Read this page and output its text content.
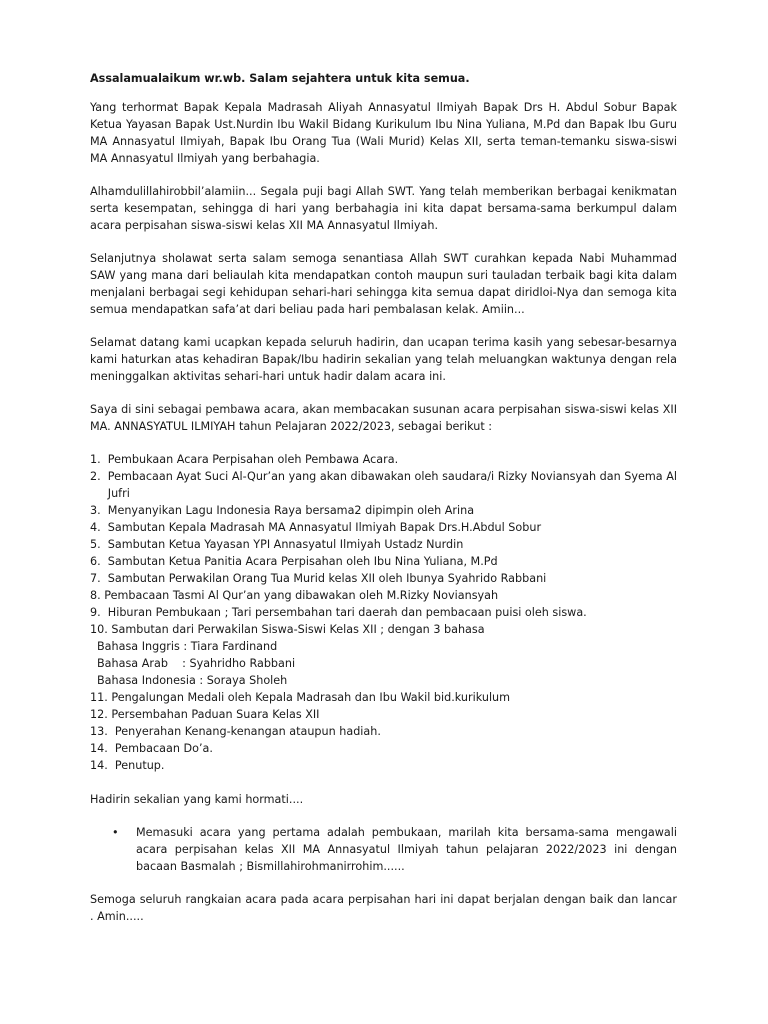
Assalamualaikum wr.wb. Salam sejahtera untuk kita semua.

Yang terhormat Bapak Kepala Madrasah Aliyah Annasyatul Ilmiyah Bapak Drs H. Abdul Sobur Bapak Ketua Yayasan Bapak Ust.Nurdin Ibu Wakil Bidang Kurikulum Ibu Nina Yuliana, M.Pd dan Bapak Ibu Guru MA Annasyatul Ilmiyah, Bapak Ibu Orang Tua (Wali Murid) Kelas XII, serta teman-temanku siswa-siswi MA Annasyatul Ilmiyah yang berbahagia.

Alhamdulillahirobbil’alamiin... Segala puji bagi Allah SWT. Yang telah memberikan berbagai kenikmatan serta kesempatan, sehingga di hari yang berbahagia ini kita dapat bersama-sama berkumpul dalam acara perpisahan siswa-siswi kelas XII MA Annasyatul Ilmiyah.

Selanjutnya sholawat serta salam semoga senantiasa Allah SWT curahkan kepada Nabi Muhammad SAW yang mana dari beliaulah kita mendapatkan contoh maupun suri tauladan terbaik bagi kita dalam menjalani berbagai segi kehidupan sehari-hari sehingga kita semua dapat diridloi-Nya dan semoga kita semua mendapatkan safa’at dari beliau pada hari pembalasan kelak. Amiin...

Selamat datang kami ucapkan kepada seluruh hadirin, dan ucapan terima kasih yang sebesar-besarnya kami haturkan atas kehadiran Bapak/Ibu hadirin sekalian yang telah meluangkan waktunya dengan rela meninggalkan aktivitas sehari-hari untuk hadir dalam acara ini.

Saya di sini sebagai pembawa acara, akan membacakan susunan acara perpisahan siswa-siswi kelas XII MA. ANNASYATUL ILMIYAH tahun Pelajaran 2022/2023, sebagai berikut :

1. Pembukaan Acara Perpisahan oleh Pembawa Acara.
2. Pembacaan Ayat Suci Al-Qur’an yang akan dibawakan oleh saudara/i Rizky Noviansyah dan Syema Al Jufri
3. Menyanyikan Lagu Indonesia Raya bersama2 dipimpin oleh Arina
4. Sambutan Kepala Madrasah MA Annasyatul Ilmiyah Bapak Drs.H.Abdul Sobur
5. Sambutan Ketua Yayasan YPI Annasyatul Ilmiyah Ustadz Nurdin
6. Sambutan Ketua Panitia Acara Perpisahan oleh Ibu Nina Yuliana, M.Pd
7. Sambutan Perwakilan Orang Tua Murid kelas XII oleh Ibunya Syahrido Rabbani
8. Pembacaan Tasmi Al Qur’an yang dibawakan oleh M.Rizky Noviansyah
9. Hiburan Pembukaan ; Tari persembahan tari daerah dan pembacaan puisi oleh siswa.
10. Sambutan dari Perwakilan Siswa-Siswi Kelas XII ; dengan 3 bahasa
Bahasa Inggris : Tiara Fardinand
Bahasa Arab    : Syahridho Rabbani
Bahasa Indonesia : Soraya Sholeh
11. Pengalungan Medali oleh Kepala Madrasah dan Ibu Wakil bid.kurikulum
12. Persembahan Paduan Suara Kelas XII
13. Penyerahan Kenang-kenangan ataupun hadiah.
14. Pembacaan Do’a.
14. Penutup.

Hadirin sekalian yang kami hormati....

•	Memasuki acara yang pertama adalah pembukaan, marilah kita bersama-sama mengawali acara perpisahan kelas XII MA Annasyatul Ilmiyah tahun pelajaran 2022/2023 ini dengan bacaan Basmalah ; Bismillahirohmanirrohim......

Semoga seluruh rangkaian acara pada acara perpisahan hari ini dapat berjalan dengan baik dan lancar . Amin.....
